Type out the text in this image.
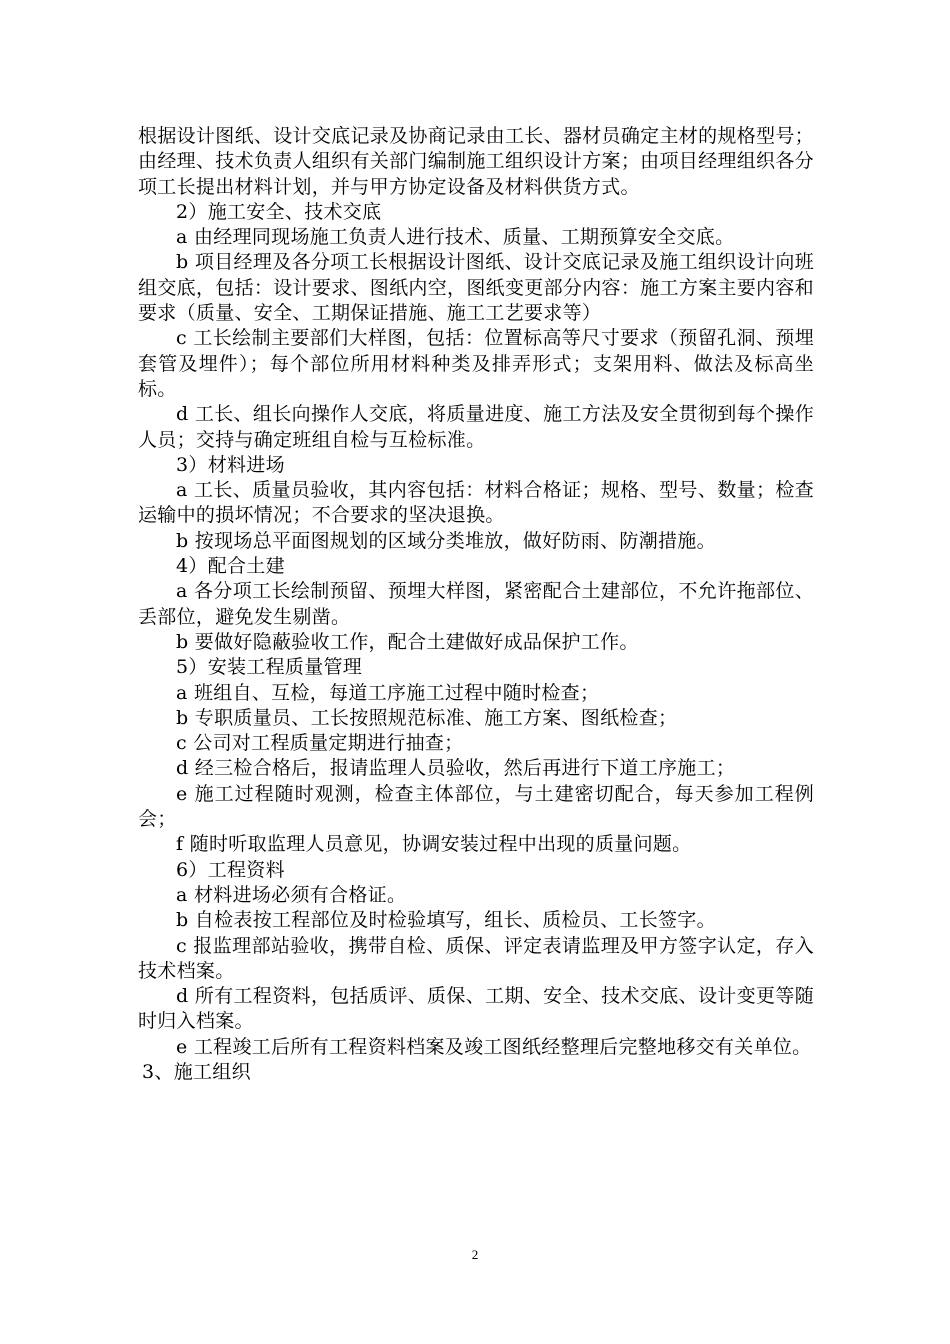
根据设计图纸、设计交底记录及协商记录由工长、器材员确定主材的规格型号；由经理、技术负责人组织有关部门编制施工组织设计方案；由项目经理组织各分项工长提出材料计划，并与甲方协定设备及材料供货方式。

2）施工安全、技术交底

a 由经理同现场施工负责人进行技术、质量、工期预算安全交底。

b 项目经理及各分项工长根据设计图纸、设计交底记录及施工组织设计向班组交底，包括：设计要求、图纸内空，图纸变更部分内容：施工方案主要内容和要求（质量、安全、工期保证措施、施工工艺要求等）

c 工长绘制主要部们大样图，包括：位置标高等尺寸要求（预留孔洞、预埋套管及埋件）；每个部位所用材料种类及排弄形式；支架用料、做法及标高坐标。

d 工长、组长向操作人交底，将质量进度、施工方法及安全贯彻到每个操作人员；交持与确定班组自检与互检标准。

3）材料进场

a 工长、质量员验收，其内容包括：材料合格证；规格、型号、数量；检查运输中的损坏情况；不合要求的坚决退换。

b 按现场总平面图规划的区域分类堆放，做好防雨、防潮措施。

4）配合土建

a 各分项工长绘制预留、预埋大样图，紧密配合土建部位，不允许拖部位、丢部位，避免发生剔凿。

b 要做好隐蔽验收工作，配合土建做好成品保护工作。

5）安装工程质量管理

a 班组自、互检，每道工序施工过程中随时检查；

b 专职质量员、工长按照规范标准、施工方案、图纸检查；

c 公司对工程质量定期进行抽查；

d 经三检合格后，报请监理人员验收，然后再进行下道工序施工；

e 施工过程随时观测，检查主体部位，与土建密切配合，每天参加工程例会；

f 随时听取监理人员意见，协调安装过程中出现的质量问题。

6）工程资料

a 材料进场必须有合格证。

b 自检表按工程部位及时检验填写，组长、质检员、工长签字。

c 报监理部站验收，携带自检、质保、评定表请监理及甲方签字认定，存入技术档案。

d 所有工程资料，包括质评、质保、工期、安全、技术交底、设计变更等随时归入档案。

e 工程竣工后所有工程资料档案及竣工图纸经整理后完整地移交有关单位。

3、施工组织

2
